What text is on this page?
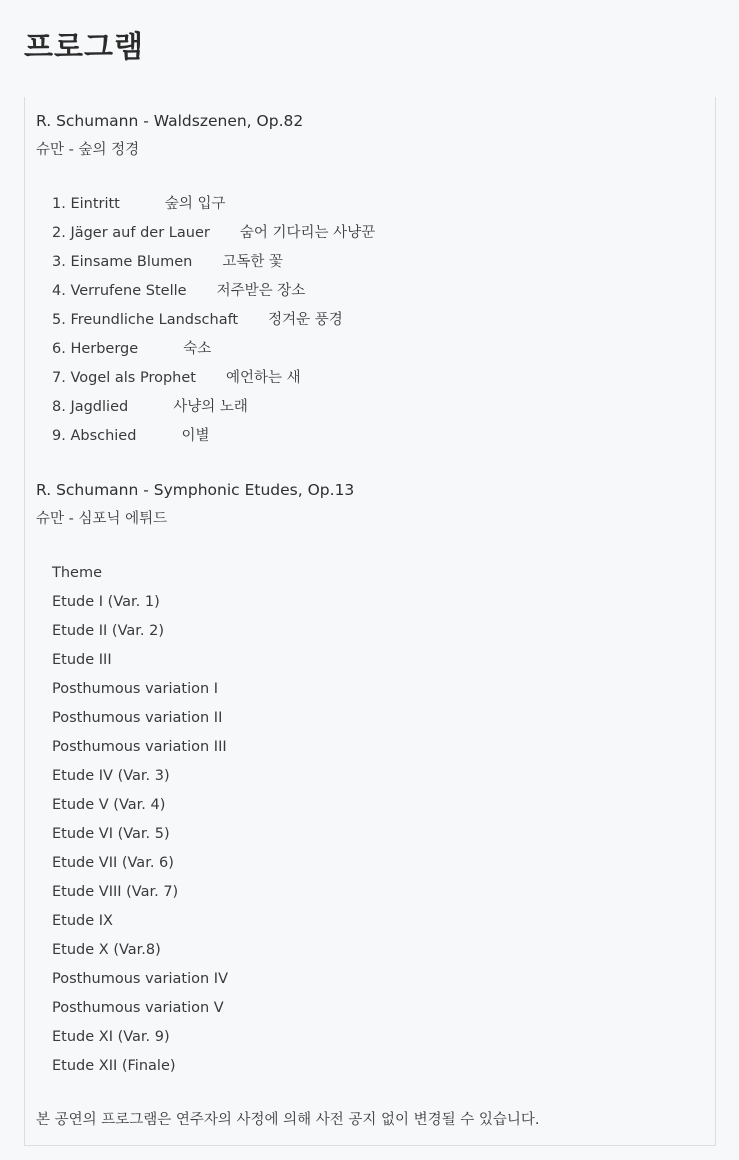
프로그램
R. Schumann - Waldszenen, Op.82
슈만 - 숲의 정경
1. Eintritt	숲의 입구
2. Jäger auf der Lauer 숨어 기다리는 사냥꾼
3. Einsame Blumen 고독한 꽃
4. Verrufene Stelle 저주받은 장소
5. Freundliche Landschaft 정겨운 풍경
6. Herberge	숙소
7. Vogel als Prophet 예언하는 새
8. Jagdlied	사냥의 노래
9. Abschied	이별
R. Schumann - Symphonic Etudes, Op.13
슈만 - 심포닉 에튀드
Theme
Etude I (Var. 1)
Etude II (Var. 2)
Etude III
Posthumous variation I
Posthumous variation II
Posthumous variation III
Etude IV (Var. 3)
Etude V (Var. 4)
Etude VI (Var. 5)
Etude VII (Var. 6)
Etude VIII (Var. 7)
Etude IX
Etude X (Var.8)
Posthumous variation IV
Posthumous variation V
Etude XI (Var. 9)
Etude XII (Finale)
본 공연의 프로그램은 연주자의 사정에 의해 사전 공지 없이 변경될 수 있습니다.
